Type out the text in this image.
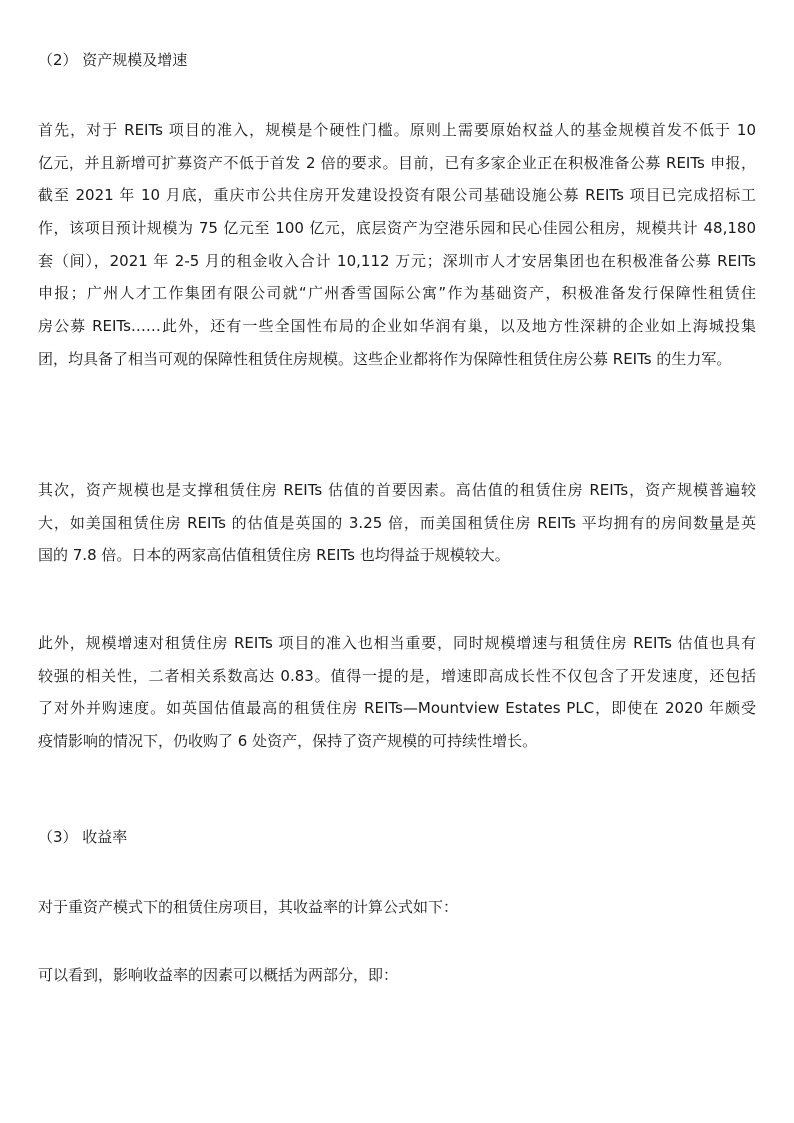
（2） 资产规模及增速
首先，对于 REITs 项目的准入，规模是个硬性门槛。原则上需要原始权益人的基金规模首发不低于 10
亿元，并且新增可扩募资产不低于首发 2 倍的要求。目前，已有多家企业正在积极准备公募 REITs 申报，
截至 2021 年 10 月底，重庆市公共住房开发建设投资有限公司基础设施公募 REITs 项目已完成招标工
作，该项目预计规模为 75 亿元至 100 亿元，底层资产为空港乐园和民心佳园公租房，规模共计 48,180
套（间），2021 年 2-5 月的租金收入合计 10,112 万元；深圳市人才安居集团也在积极准备公募 REITs
申报；广州人才工作集团有限公司就“广州香雪国际公寓”作为基础资产，积极准备发行保障性租赁住
房公募 REITs……此外，还有一些全国性布局的企业如华润有巢，以及地方性深耕的企业如上海城投集
团，均具备了相当可观的保障性租赁住房规模。这些企业都将作为保障性租赁住房公募 REITs 的生力军。
其次，资产规模也是支撑租赁住房 REITs 估值的首要因素。高估值的租赁住房 REITs，资产规模普遍较
大，如美国租赁住房 REITs 的估值是英国的 3.25 倍，而美国租赁住房 REITs 平均拥有的房间数量是英
国的 7.8 倍。日本的两家高估值租赁住房 REITs 也均得益于规模较大。
此外，规模增速对租赁住房 REITs 项目的准入也相当重要，同时规模增速与租赁住房 REITs 估值也具有
较强的相关性，二者相关系数高达 0.83。值得一提的是，增速即高成长性不仅包含了开发速度，还包括
了对外并购速度。如英国估值最高的租赁住房 REITs—Mountview Estates PLC，即使在 2020 年颇受
疫情影响的情况下，仍收购了 6 处资产，保持了资产规模的可持续性增长。
（3） 收益率
对于重资产模式下的租赁住房项目，其收益率的计算公式如下：
可以看到，影响收益率的因素可以概括为两部分，即：
